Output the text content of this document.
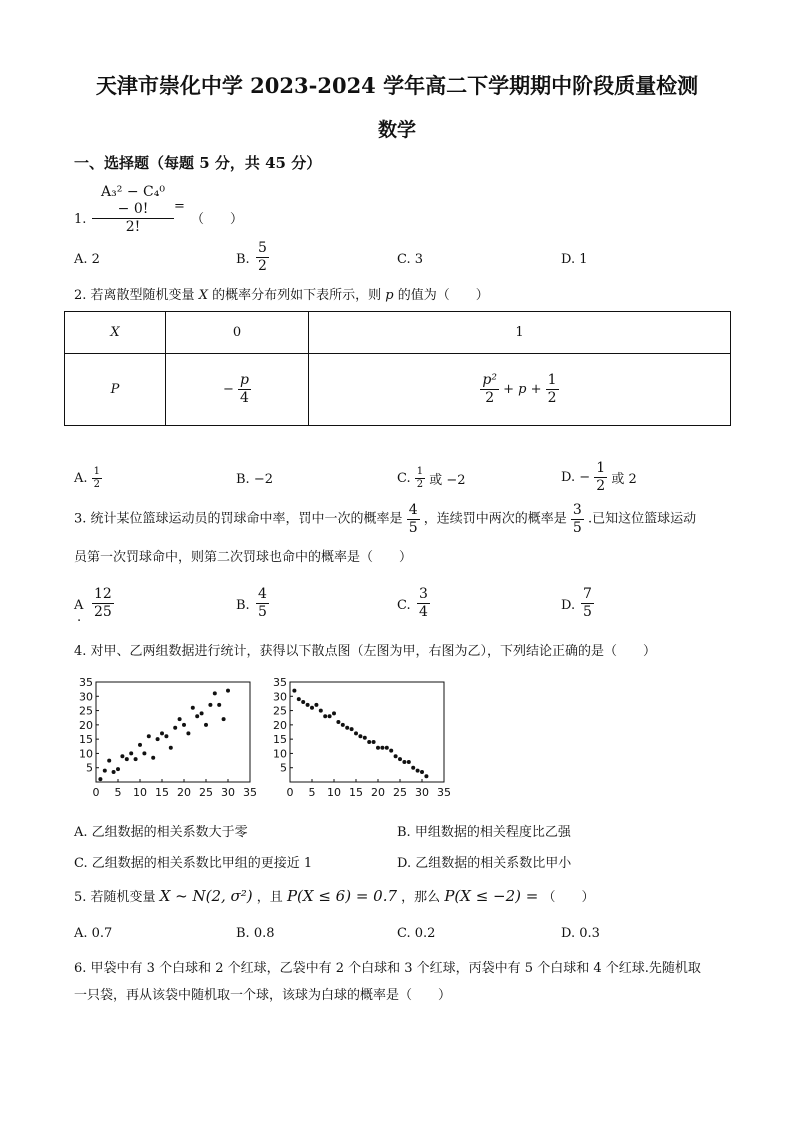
天津市崇化中学 2023-2024 学年高二下学期期中阶段质量检测
数学
一、选择题（每题 5 分，共 45 分）
1. $\frac{\text{A₃² − C₄⁰ − 0!}}{2!}$ =
（　　）
A. 2	B. $\frac{5}{2}$	C. 3	D. 1
2. 若离散型随机变量 X 的概率分布列如下表所示，则 p 的值为（　　）
X	0	1
P	− $\frac{p}{4}$	$\frac{\text{p²}}{2} + p + \frac{1}{2}$
A. $\frac{1}{2}$	B. −2	C. $\frac{1}{2}$ 或 −2	D. − $\frac{1}{2}$ 或 2
3. 统计某位篮球运动员的罚球命中率，罚中一次的概率是 $\frac{4}{5}$ ，连续罚中两次的概率是 $\frac{3}{5}$ .已知这位篮球运动
员第一次罚球命中，则第二次罚球也命中的概率是（　　）
A
. $\frac{12}{25}$	B. $\frac{4}{5}$	C. $\frac{3}{4}$	D. $\frac{7}{5}$
4. 对甲、乙两组数据进行统计，获得以下散点图（左图为甲，右图为乙），下列结论正确的是（　　）
0 5 10 15 20 25 30 35
5
10
15
20
25
30
35
0 5 10 15 20 25 30 35
5
10
15
20
25
30
35
A. 乙组数据的相关系数大于零	B. 甲组数据的相关程度比乙强
C. 乙组数据的相关系数比甲组的更接近 1	D. 乙组数据的相关系数比甲小
5. 若随机变量 X ~ N(2, σ²) ，且 P(X ≤ 6) = 0.7 ，那么 P(X ≤ −2) = （　　）
A. 0.7	B. 0.8	C. 0.2	D. 0.3
6. 甲袋中有 3 个白球和 2 个红球，乙袋中有 2 个白球和 3 个红球，丙袋中有 5 个白球和 4 个红球.先随机取
一只袋，再从该袋中随机取一个球，该球为白球的概率是（　　）
